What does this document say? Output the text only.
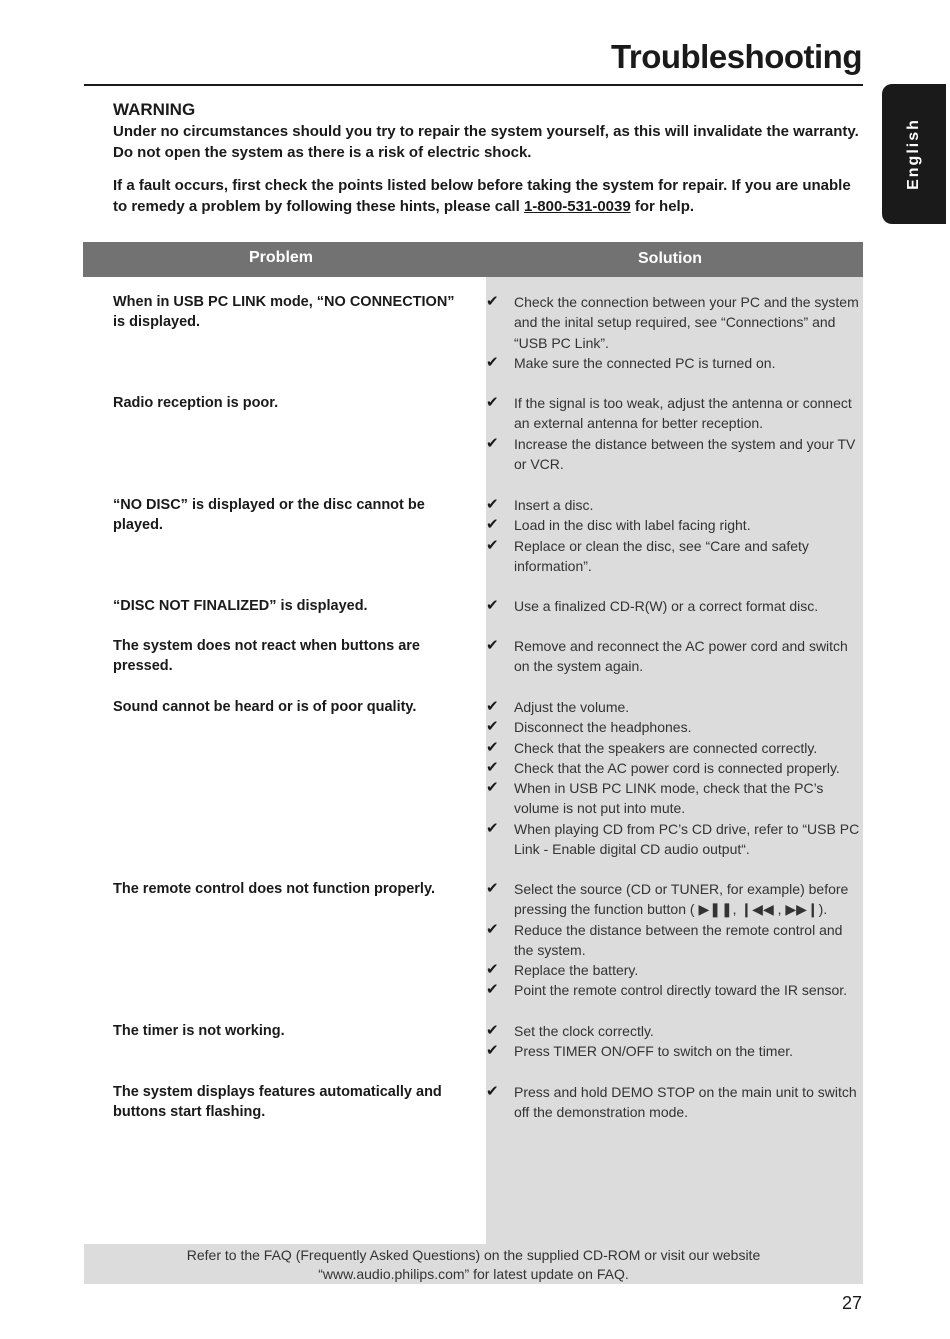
Troubleshooting
English
WARNING

Under no circumstances should you try to repair the system yourself, as this will invalidate the warranty. Do not open the system as there is a risk of electric shock.

If a fault occurs, first check the points listed below before taking the system for repair. If you are unable to remedy a problem by following these hints, please call 1-800-531-0039 for help.

Problem	Solution
When in USB PC LINK mode, “NO CONNECTION” is displayed.
✔ Check the connection between your PC and the system and the inital setup required, see “Connections” and “USB PC Link”.
✔ Make sure the connected PC is turned on.
Radio reception is poor.	✔ If the signal is too weak, adjust the antenna or connect an external antenna for better reception.
✔ Increase the distance between the system and your TV or VCR.
“NO DISC” is displayed or the disc cannot be played.
✔ Insert a disc.
✔ Load in the disc with label facing right.
✔ Replace or clean the disc, see “Care and safety information”.
“DISC NOT FINALIZED” is displayed.	✔ Use a finalized CD-R(W) or a correct format disc.
The system does not react when buttons are pressed.
✔ Remove and reconnect the AC power cord and switch on the system again.
Sound cannot be heard or is of poor quality.	✔ Adjust the volume.
✔ Disconnect the headphones.
✔ Check that the speakers are connected correctly.
✔ Check that the AC power cord is connected properly.
✔ When in USB PC LINK mode, check that the PC’s volume is not put into mute.
✔ When playing CD from PC’s CD drive, refer to “USB PC Link - Enable digital CD audio output“.
The remote control does not function properly.	✔ Select the source (CD or TUNER, for example) before pressing the function button ( ▶❚❚, ❙◀◀ , ▶▶❙).
✔ Reduce the distance between the remote control and the system.
✔ Replace the battery.
✔ Point the remote control directly toward the IR sensor.
The timer is not working.	✔ Set the clock correctly.
✔ Press TIMER ON/OFF to switch on the timer.
The system displays features automatically and buttons start flashing.
✔ Press and hold DEMO STOP on the main unit to switch off the demonstration mode.
Refer to the FAQ (Frequently Asked Questions) on the supplied CD-ROM or visit our website
“www.audio.philips.com” for latest update on FAQ.
27
